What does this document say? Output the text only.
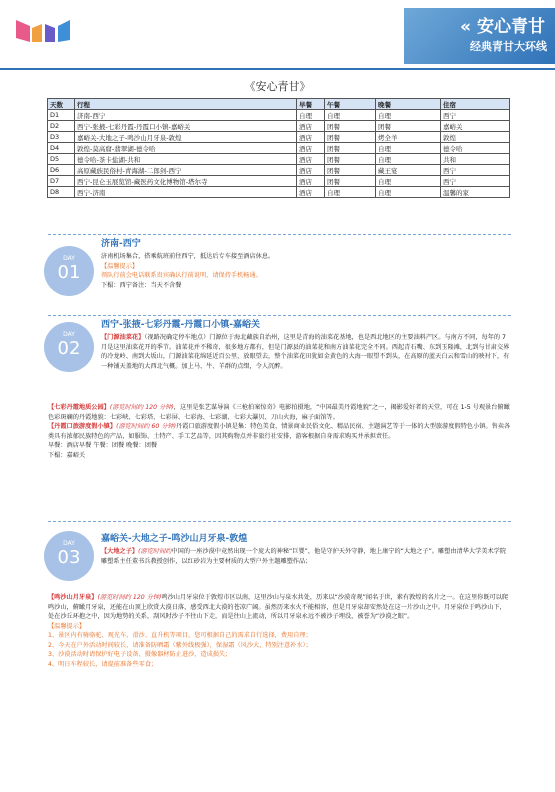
« 安心青甘
经典青甘大环线
《安心青甘》
天数	行程	早餐	午餐	晚餐	住宿
D1	济南-西宁	自理	自理	自理	西宁
D2	西宁-张掖-七彩丹霞-丹霞口小镇-嘉峪关	酒店	团餐	团餐	嘉峪关
D3	嘉峪关-大地之子-鸣沙山月牙泉-敦煌	酒店	团餐	烤全羊	敦煌
D4	敦煌-莫高窟-翡翠湖-德令哈	酒店	团餐	自理	德令哈
D5	德令哈-茶卡盐湖-共和	酒店	团餐	自理	共和
D6	高原藏族民俗村-青海湖-二郎剑-西宁	酒店	团餐	藏王宴	西宁
D7	西宁-昆仑玉展览馆-藏医药文化博物馆-塔尔寺	酒店	团餐	自理	西宁
D8	西宁-济南	酒店	自理	自理	温馨的家
DAY
01
济南-西宁

济南机场集合，搭乘航班前往西宁，抵达后专车接至酒店休息。

【温馨提示】

领队行前会电话联系贵宾确认行前说明，请保持手机畅通。

下榻：西宁备注：当天不含餐

DAY
02
西宁-张掖-七彩丹霞-丹霞口小镇-嘉峪关

【门源油菜花】（视路况确定停车地点）门源位于海北藏族自治州，这里是青海的油菜花基地，也是西北地区的主要油料产区。与南方不同，每年的 7 月是这里油菜花开的季节。油菜花并不稀奇，很多地方都有，但是门源县的油菜花和南方油菜花完全不同。西起青石嘴、东到玉隆滩，北到与甘肃交界的冷龙岭、南到大坂山，门源油菜花绵延近百公里，放眼望去，整个油菜花田犹如金黄色的大海一眼望不到头，在高原的蓝天白云和雪山的映衬下，有一种铺天盖地的大西北气概。加上马、牛、羊群的点缀，令人沉醉。

【七彩丹霞地质公园】(游览时间约 120 分钟)，这里是张艺谋导演《三枪拍案惊奇》电影拍摄地，“中国最美丹霞地貌”之一，揭影爱好者的天堂，可在 1-5 号观景台俯瞰色彩斑斓的丹霞地貌：七彩峡、七彩塔、七彩屏、七彩海、七彩湖、七彩大瀑贝、刀山火海，麻子面馆等。

【丹霞口旅游度假小镇】(游览时间约 60 分钟)丹霞口旅游度假小镇是集：特色美食、情景商业民俗文化、精品民宿、主题演艺等于一体的大型旅游度假特色小镇。售卖各类具有浓郁民族特色的产品，如服饰、土特产、手工艺品等，因其购物点并非旅行社安排，游客根据自身需求购买并承担责任。

早餐：酒店早餐 午餐：团餐 晚餐：团餐

下榻：嘉峪关

DAY
03
嘉峪关-大地之子-鸣沙山月牙泉-敦煌

【大地之子】(游览时间约中国的一座沙漠中竟然出现一个庞大的神秘“巨婴”，他是守护天外守静，地上康宁的“大地之子”。雕塑由清华大学美术学院雕塑系主任董书兵教授创作，以红砂岩为主要材质的大型户外主题雕塑作品；

【鸣沙山月牙泉】(游览时间约 120 分钟)鸣沙山月牙泉位于敦煌市区以南，这里沙山与泉水共处，历来以“沙漠奇观”闻名于世，素有敦煌的名片之一。在这里你既可以爬鸣沙山，俯瞰月牙泉，还能在山顶上欣赏大漠日落，感受西北大漠的苍凉广阔。虽然历来水火不能相容，但是月牙泉却安然处在这一片沙山之中。月牙泉位于鸣沙山下，处在沙丘环抱之中，因为地势的关系，刮风时沙子不往山下走，而是往山上流动，所以月牙泉永远不被沙子埋没，被誉为“沙漠之眼”。

【温馨提示】

1、景区内有骑骆驼、观光车、滑沙、直升机等项目，您可根据自己的需求自行选择，费用自理；

2、今天在户外活动时间较长，请准备防晒霜（紫外线极强），保湿霜（风沙大，特别注意补水）；

3、沙漠活动时请保护好电子设备、摄像器材防止进沙，造成损失；

4、明日车程较长，请提前准备些零食；
